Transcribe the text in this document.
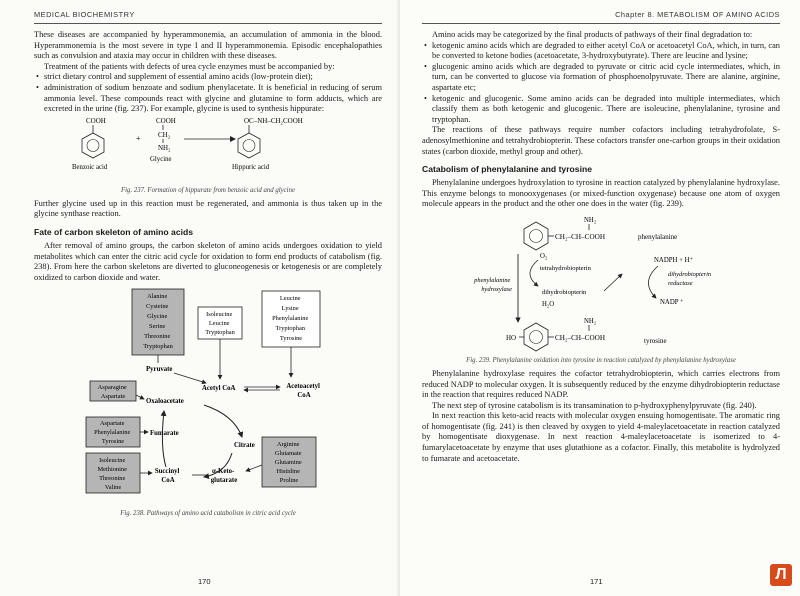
MEDICAL BIOCHEMISTRY

These diseases are accompanied by hyperammonemia, an accumulation of ammonia in the blood. Hyperammonemia is the most severe in type I and II hyperammonemia. Episodic encephalopathies such as convulsion and ataxia may occur in children with these diseases.

Treatment of the patients with defects of urea cycle enzymes must be accompanied by:

• strict dietary control and supplement of essential amino acids (low-protein diet);
• administration of sodium benzoate and sodium phenylacetate. It is beneficial in reducing of serum ammonia level. These compounds react with glycine and glutamine to form adducts, which are excreted in the urine (fig. 237). For example, glycine is used to synthesis hippurate:
COOH
+
COOH
CH₂
NH₂
OC–NH–CH₂COOH
Benzoic acid
Glycine
Hippuric acid
Fig. 237. Formation of hippurate from benzoic acid and glycine

Further glycine used up in this reaction must be regenerated, and ammonia is thus taken up in the glycine synthase reaction.

Fate of carbon skeleton of amino acids

After removal of amino groups, the carbon skeleton of amino acids undergoes oxidation to yield metabolites which can enter the citric acid cycle for oxidation to form end products of catabolism (fig. 238). From here the carbon skeletons are diverted to gluconeogenesis or ketogenesis or are completely oxidized to carbon dioxide and water.

Alanine Cysteine Glycine Serine Threonine Tryptophan
Isoleucine Leucine Tryptophan
Leucine Lysine Phenylalanine Tryptophan Tyrosine
Pyruvate
Acetyl CoA	Acetoacetyl CoA
Asparagine Aspartate
Oxaloacetate
Citrate
Aspartate Phenylalanine Tyrosine
Fumarate
Isoleucine Methionine Threonine Valine
Succinyl CoA
α-Keto- glutarate
Arginine Glutamate Glutamine Histidine Proline
Fig. 238. Pathways of amino acid catabolism in citric acid cycle
170
Chapter 8. METABOLISM OF AMINO ACIDS

Amino acids may be categorized by the final products of pathways of their final degradation to:

• ketogenic amino acids which are degraded to either acetyl CoA or acetoacetyl CoA, which, in turn, can be converted to ketone bodies (acetoacetate, 3-hydroxybutyrate). There are leucine and lysine;
• glucogenic amino acids which are degraded to pyruvate or citric acid cycle intermediates, which, in turn, can be converted to glucose via formation of phosphoenolpyruvate. There are alanine, arginine, aspartate etc;
• ketogenic and glucogenic. Some amino acids can be degraded into multiple intermediates, which classify them as both ketogenic and glucogenic. There are isoleucine, phenylalanine, tyrosine and tryptophan.

The reactions of these pathways require number cofactors including tetrahydrofolate, S-adenosylmethionine and tetrahydrobiopterin. These cofactors transfer one-carbon groups in their oxidation states (carbon dioxide, methyl group and other).

Catabolism of phenylalanine and tyrosine

Phenylalanine undergoes hydroxylation to tyrosine in reaction catalyzed by phenylalanine hydroxylase. This enzyme belongs to monooxygenases (or mixed-function oxygenase) because one atom of oxygen molecule appears in the product and the other one does in the water (fig. 239).

NH₂
CH₂–CH–COOH	phenylalanine
phenylalanine hydroxylase
O₂
tetrahydrobiopterin
dihydrobiopterin
H₂O
NADPH + H⁺
dihydrobiopterin reductase
NADP ⁺
HO
NH₂
CH₂–CH–COOH	tyrosine
Fig. 239. Phenylalanine oxidation into tyrosine in reaction catalyzed by phenylalanine hydroxylase

Phenylalanine hydroxylase requires the cofactor tetrahydrobiopterin, which carries electrons from reduced NADP to molecular oxygen. It is subsequently reduced by the enzyme dihydrobiopterin reductase in the reaction that requires reduced NADP.

The next step of tyrosine catabolism is its transamination to p-hydroxyphenylpyruvate (fig. 240).

In next reaction this keto-acid reacts with molecular oxygen ensuing homogentisate. The aromatic ring of homogentisate (fig. 241) is then cleaved by oxygen to yield 4-maleylacetoacetate in reaction catalyzed by homogentisate dioxygenase. In next reaction 4-maleylacetoacetate is isomerized to 4-fumarylacetoacetate by enzyme that uses glutathione as a cofactor. Finally, this metabolite is hydrolyzed to fumarate and acetoacetate.

171	Л
